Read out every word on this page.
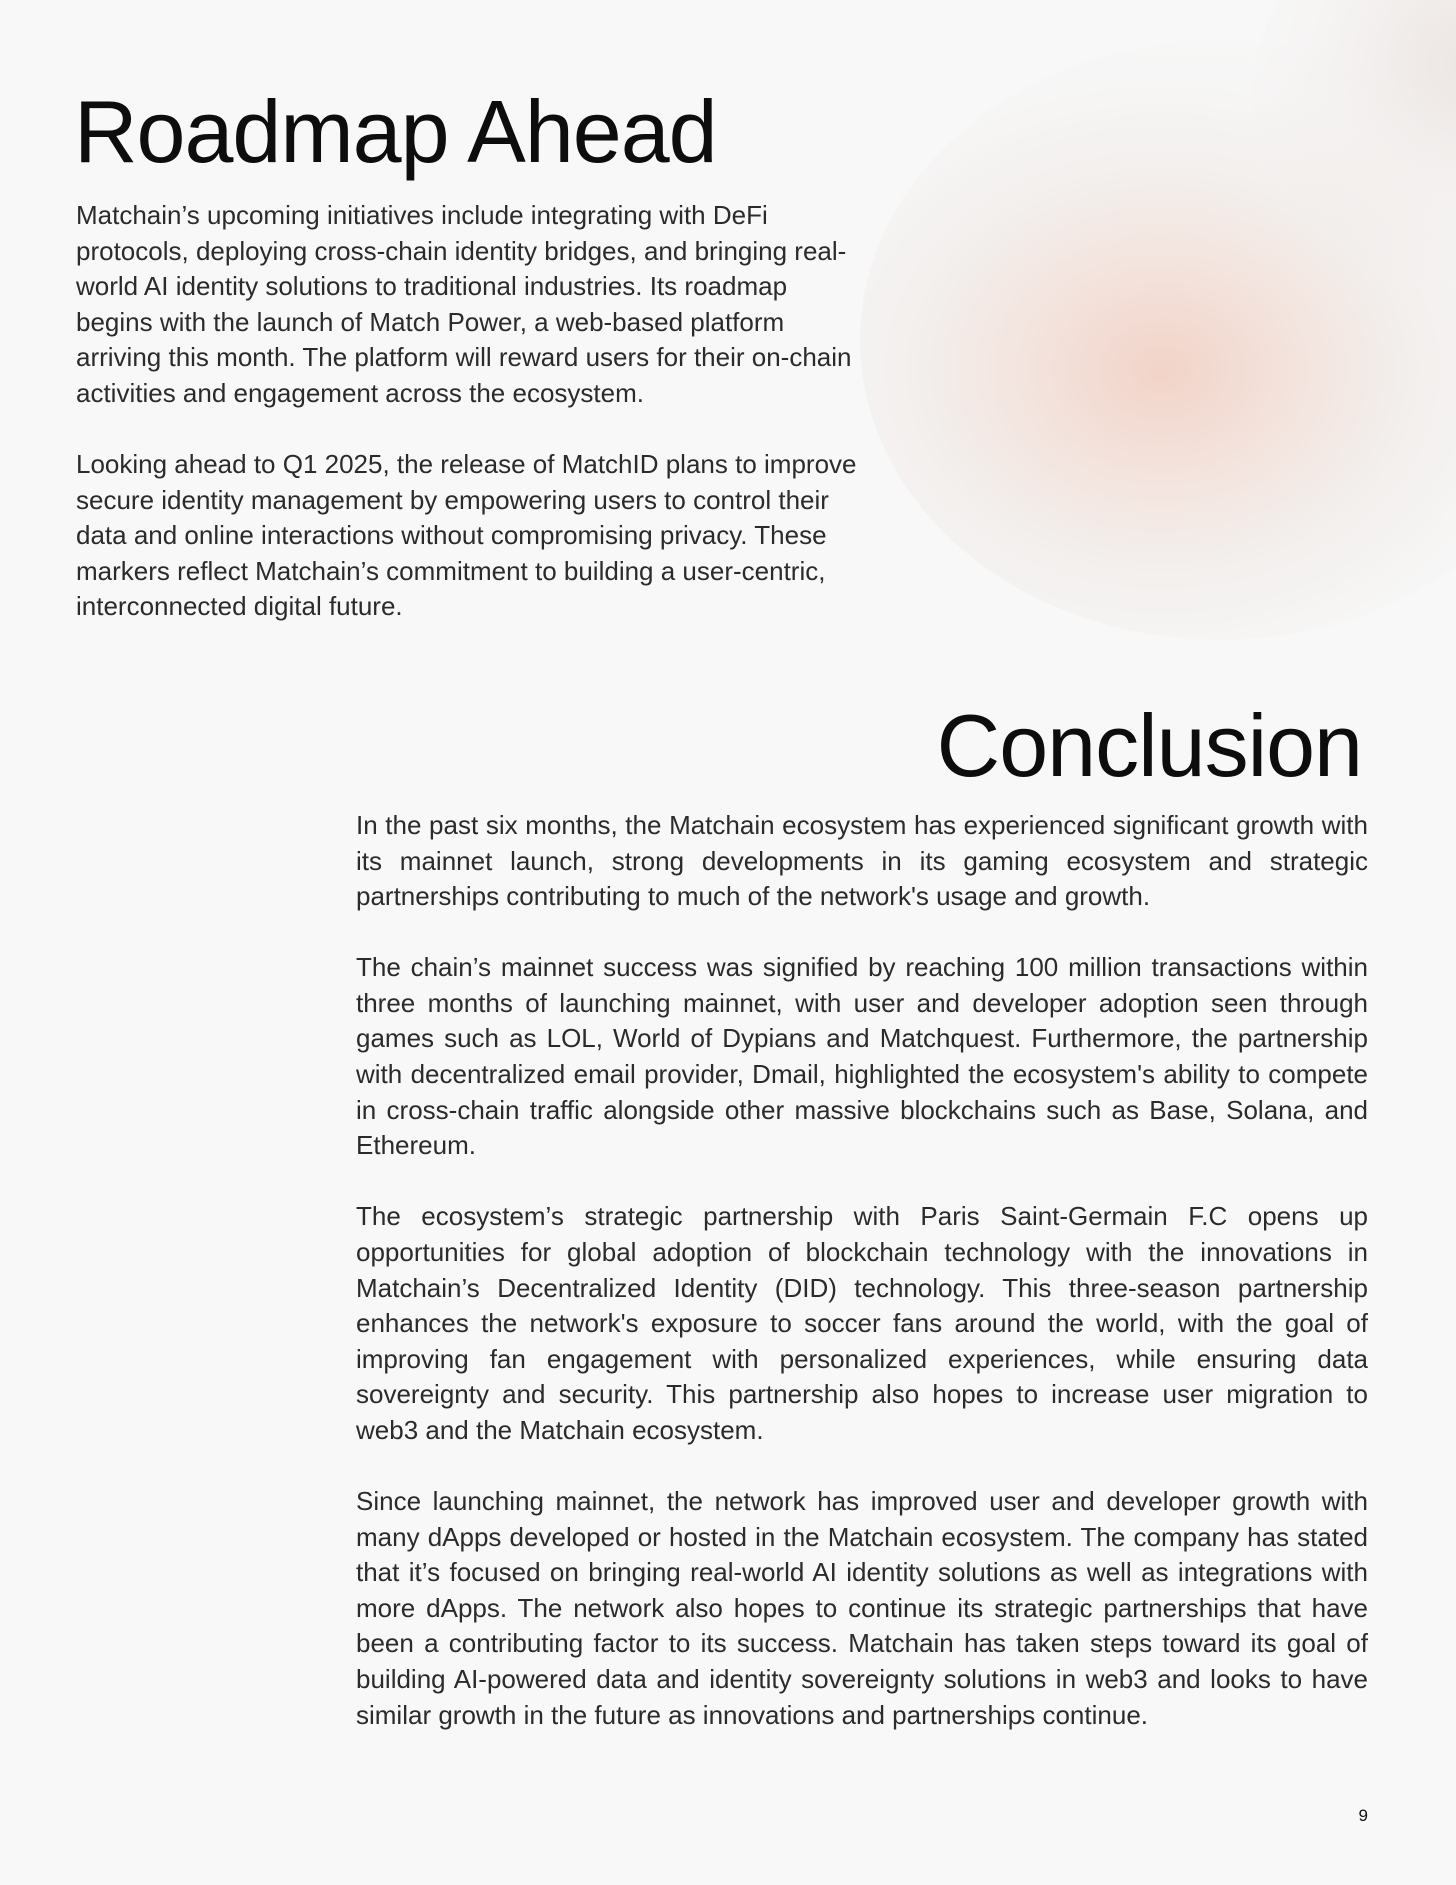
Roadmap Ahead

Matchain’s upcoming initiatives include integrating with DeFi protocols, deploying cross-chain identity bridges, and bringing real-world AI identity solutions to traditional industries. Its roadmap begins with the launch of Match Power, a web-based platform arriving this month. The platform will reward users for their on-chain activities and engagement across the ecosystem.

Looking ahead to Q1 2025, the release of MatchID plans to improve secure identity management by empowering users to control their data and online interactions without compromising privacy. These markers reflect Matchain’s commitment to building a user-centric, interconnected digital future.

Conclusion

In the past six months, the Matchain ecosystem has experienced significant growth with its mainnet launch, strong developments in its gaming ecosystem and strategic partnerships contributing to much of the network's usage and growth.

The chain’s mainnet success was signified by reaching 100 million transactions within three months of launching mainnet, with user and developer adoption seen through games such as LOL, World of Dypians and Matchquest. Furthermore, the partnership with decentralized email provider, Dmail, highlighted the ecosystem's ability to compete in cross-chain traffic alongside other massive blockchains such as Base, Solana, and Ethereum.

The ecosystem’s strategic partnership with Paris Saint-Germain F.C opens up opportunities for global adoption of blockchain technology with the innovations in Matchain’s Decentralized Identity (DID) technology. This three-season partnership enhances the network's exposure to soccer fans around the world, with the goal of improving fan engagement with personalized experiences, while ensuring data sovereignty and security. This partnership also hopes to increase user migration to web3 and the Matchain ecosystem.

Since launching mainnet, the network has improved user and developer growth with many dApps developed or hosted in the Matchain ecosystem. The company has stated that it’s focused on bringing real-world AI identity solutions as well as integrations with more dApps. The network also hopes to continue its strategic partnerships that have been a contributing factor to its success. Matchain has taken steps toward its goal of building AI-powered data and identity sovereignty solutions in web3 and looks to have similar growth in the future as innovations and partnerships continue.

9
